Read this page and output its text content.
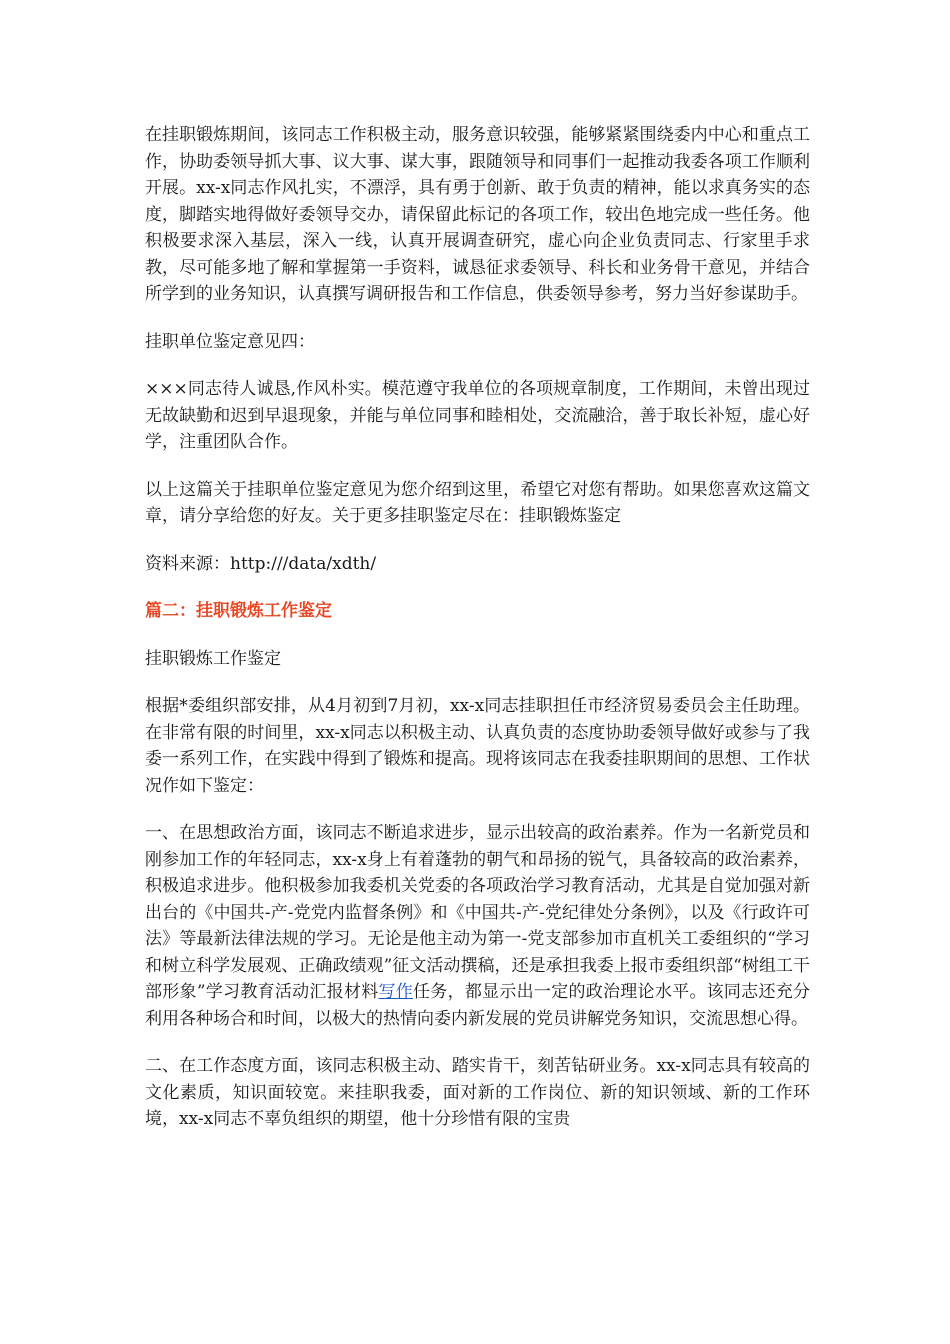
在挂职锻炼期间，该同志工作积极主动，服务意识较强，能够紧紧围绕委内中心和重点工作，协助委领导抓大事、议大事、谋大事，跟随领导和同事们一起推动我委各项工作顺利开展。xx-x同志作风扎实，不漂浮，具有勇于创新、敢于负责的精神，能以求真务实的态度，脚踏实地得做好委领导交办，请保留此标记的各项工作，较出色地完成一些任务。他积极要求深入基层，深入一线，认真开展调查研究，虚心向企业负责同志、行家里手求教，尽可能多地了解和掌握第一手资料，诚恳征求委领导、科长和业务骨干意见，并结合所学到的业务知识，认真撰写调研报告和工作信息，供委领导参考，努力当好参谋助手。

挂职单位鉴定意见四：

×××同志待人诚恳,作风朴实。模范遵守我单位的各项规章制度，工作期间，未曾出现过无故缺勤和迟到早退现象，并能与单位同事和睦相处，交流融洽，善于取长补短，虚心好学，注重团队合作。

以上这篇关于挂职单位鉴定意见为您介绍到这里，希望它对您有帮助。如果您喜欢这篇文章，请分享给您的好友。关于更多挂职鉴定尽在：挂职锻炼鉴定

资料来源：http:///data/xdth/

篇二：挂职锻炼工作鉴定

挂职锻炼工作鉴定

根据*委组织部安排，从4月初到7月初，xx-x同志挂职担任市经济贸易委员会主任助理。在非常有限的时间里，xx-x同志以积极主动、认真负责的态度协助委领导做好或参与了我委一系列工作，在实践中得到了锻炼和提高。现将该同志在我委挂职期间的思想、工作状况作如下鉴定：

一、在思想政治方面，该同志不断追求进步，显示出较高的政治素养。作为一名新党员和刚参加工作的年轻同志，xx-x身上有着蓬勃的朝气和昂扬的锐气，具备较高的政治素养，积极追求进步。他积极参加我委机关党委的各项政治学习教育活动，尤其是自觉加强对新出台的《中国共-产-党党内监督条例》和《中国共-产-党纪律处分条例》，以及《行政许可法》等最新法律法规的学习。无论是他主动为第一-党支部参加市直机关工委组织的“学习和树立科学发展观、正确政绩观”征文活动撰稿，还是承担我委上报市委组织部“树组工干部形象”学习教育活动汇报材料写作任务，都显示出一定的政治理论水平。该同志还充分利用各种场合和时间，以极大的热情向委内新发展的党员讲解党务知识，交流思想心得。

二、在工作态度方面，该同志积极主动、踏实肯干，刻苦钻研业务。xx-x同志具有较高的文化素质，知识面较宽。来挂职我委，面对新的工作岗位、新的知识领域、新的工作环境，xx-x同志不辜负组织的期望，他十分珍惜有限的宝贵
